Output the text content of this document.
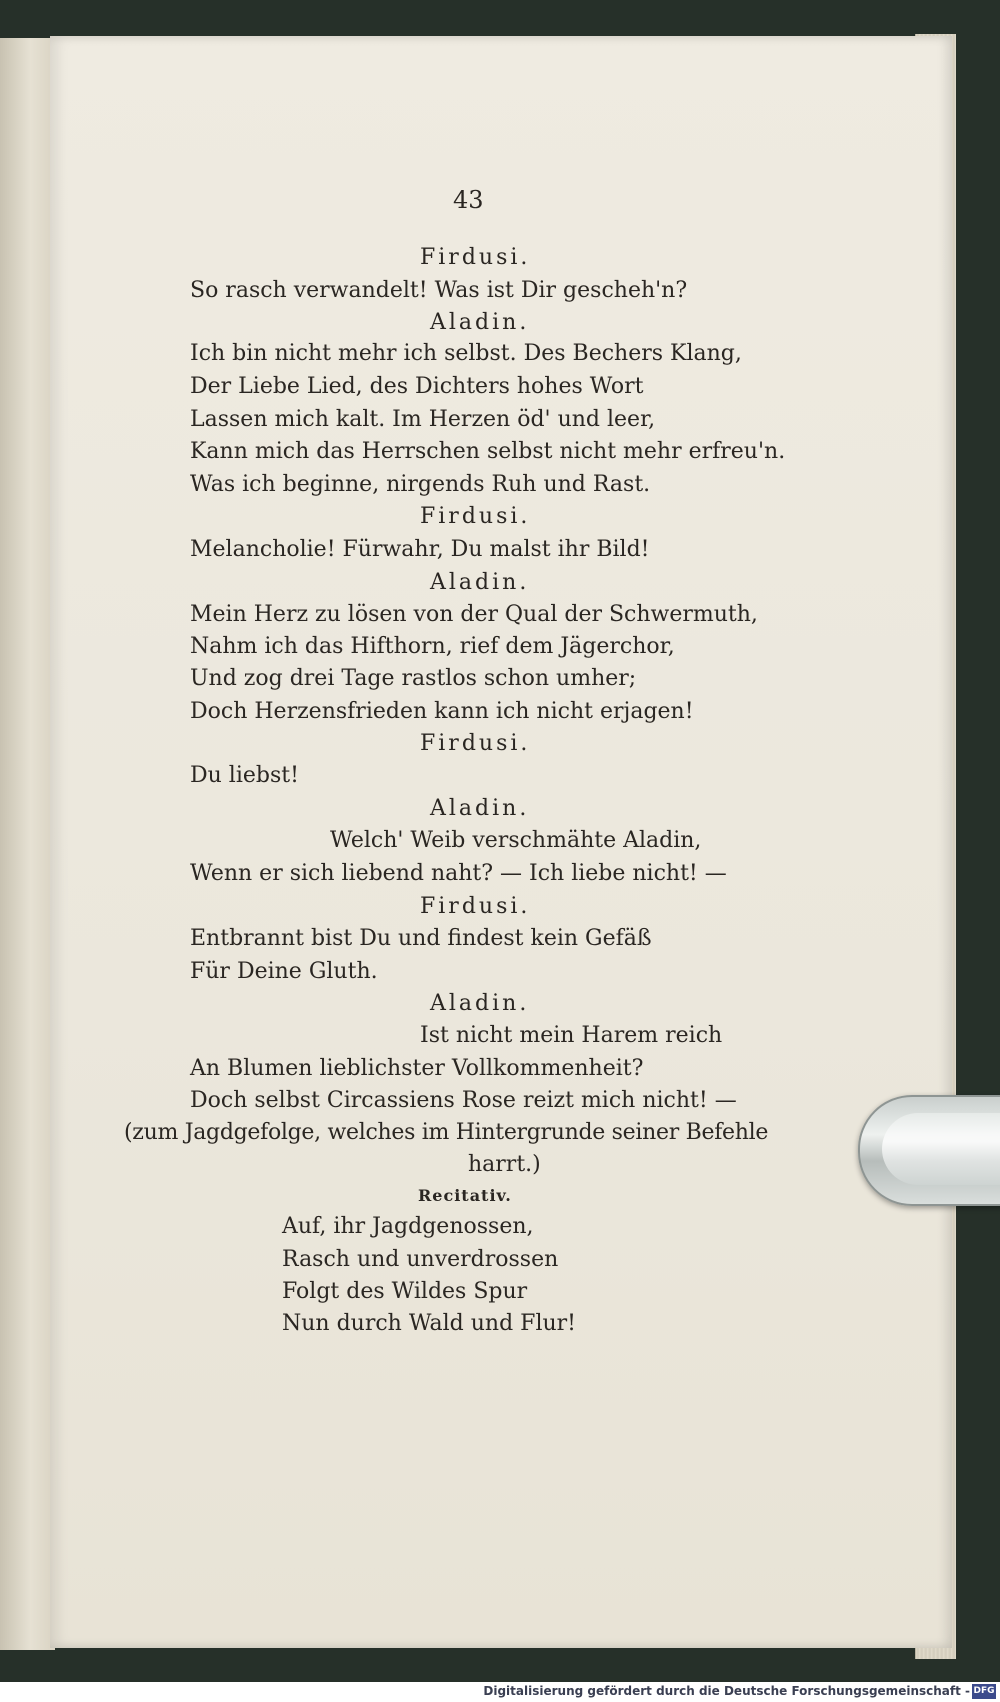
43
Firdusi.
So rasch verwandelt! Was ist Dir gescheh'n?
Aladin.
Ich bin nicht mehr ich selbst. Des Bechers Klang,
Der Liebe Lied, des Dichters hohes Wort
Lassen mich kalt. Im Herzen öd' und leer,
Kann mich das Herrschen selbst nicht mehr erfreu'n.
Was ich beginne, nirgends Ruh und Rast.
Firdusi.
Melancholie! Fürwahr, Du malst ihr Bild!
Aladin.
Mein Herz zu lösen von der Qual der Schwermuth,
Nahm ich das Hifthorn, rief dem Jägerchor,
Und zog drei Tage rastlos schon umher;
Doch Herzensfrieden kann ich nicht erjagen!
Firdusi.
Du liebst!
Aladin.
Welch' Weib verschmähte Aladin,
Wenn er sich liebend naht? — Ich liebe nicht! —
Firdusi.
Entbrannt bist Du und findest kein Gefäß
Für Deine Gluth.
Aladin.
Ist nicht mein Harem reich
An Blumen lieblichster Vollkommenheit?
Doch selbst Circassiens Rose reizt mich nicht! —
(zum Jagdgefolge, welches im Hintergrunde seiner Befehle
harrt.)
Recitativ.
Auf, ihr Jagdgenossen,
Rasch und unverdrossen
Folgt des Wildes Spur
Nun durch Wald und Flur!
Digitalisierung gefördert durch die Deutsche Forschungsgemeinschaft - DFG
